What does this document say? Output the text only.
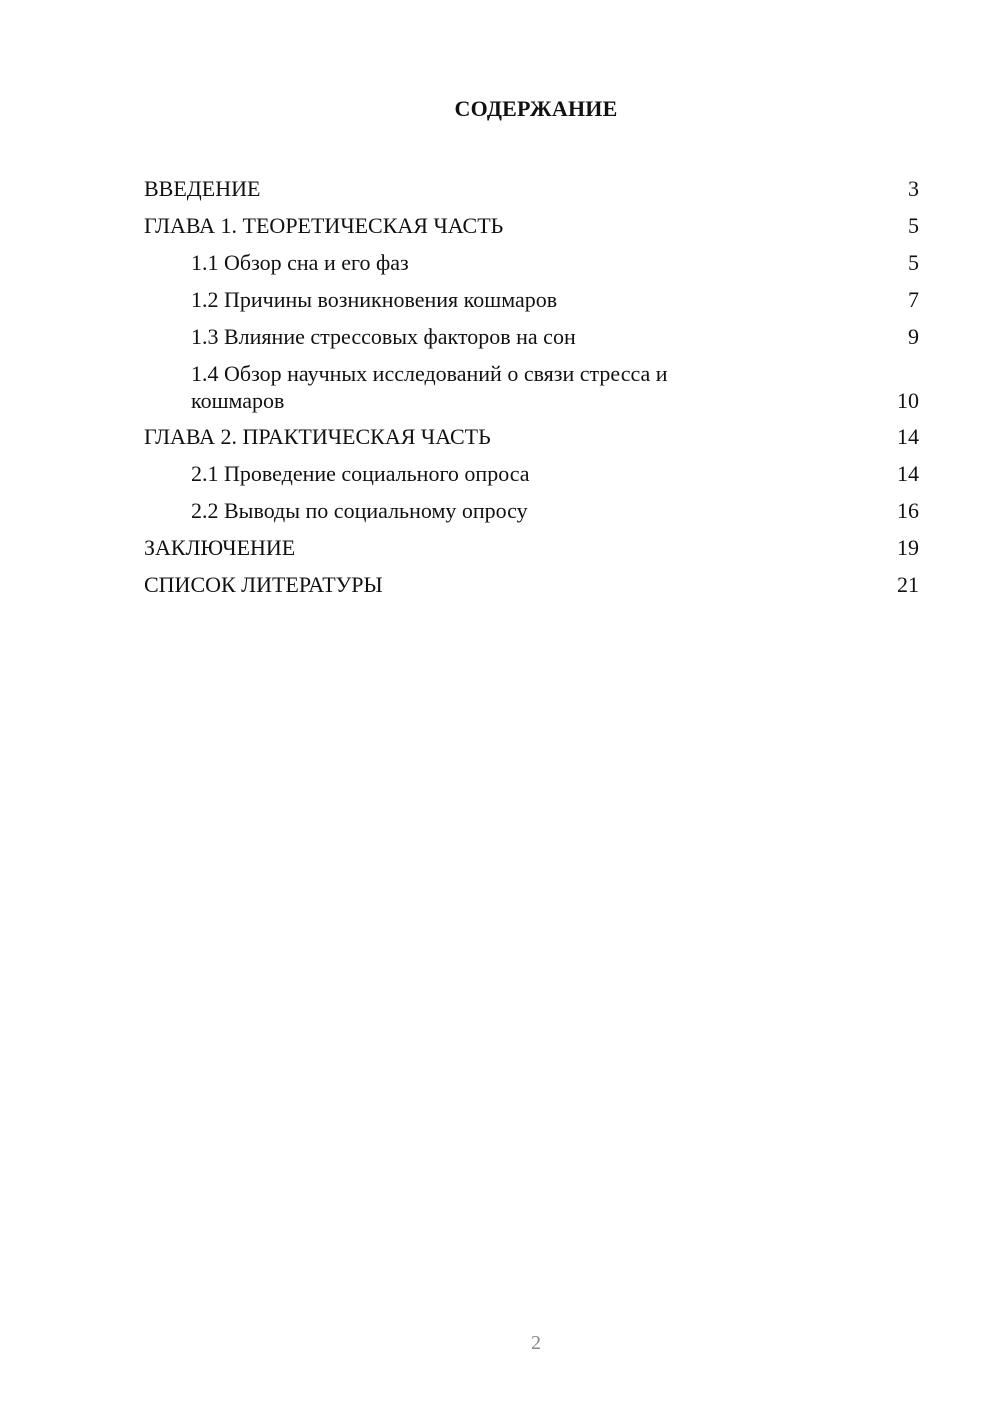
СОДЕРЖАНИЕ
ВВЕДЕНИЕ	3
ГЛАВА 1. ТЕОРЕТИЧЕСКАЯ ЧАСТЬ	5
1.1 Обзор сна и его фаз	5
1.2 Причины возникновения кошмаров	7
1.3 Влияние стрессовых факторов на сон	9
1.4 Обзор научных исследований о связи стресса и кошмаров	10
ГЛАВА 2. ПРАКТИЧЕСКАЯ ЧАСТЬ	14
2.1 Проведение социального опроса	14
2.2 Выводы по социальному опросу	16
ЗАКЛЮЧЕНИЕ	19
СПИСОК ЛИТЕРАТУРЫ	21
2
